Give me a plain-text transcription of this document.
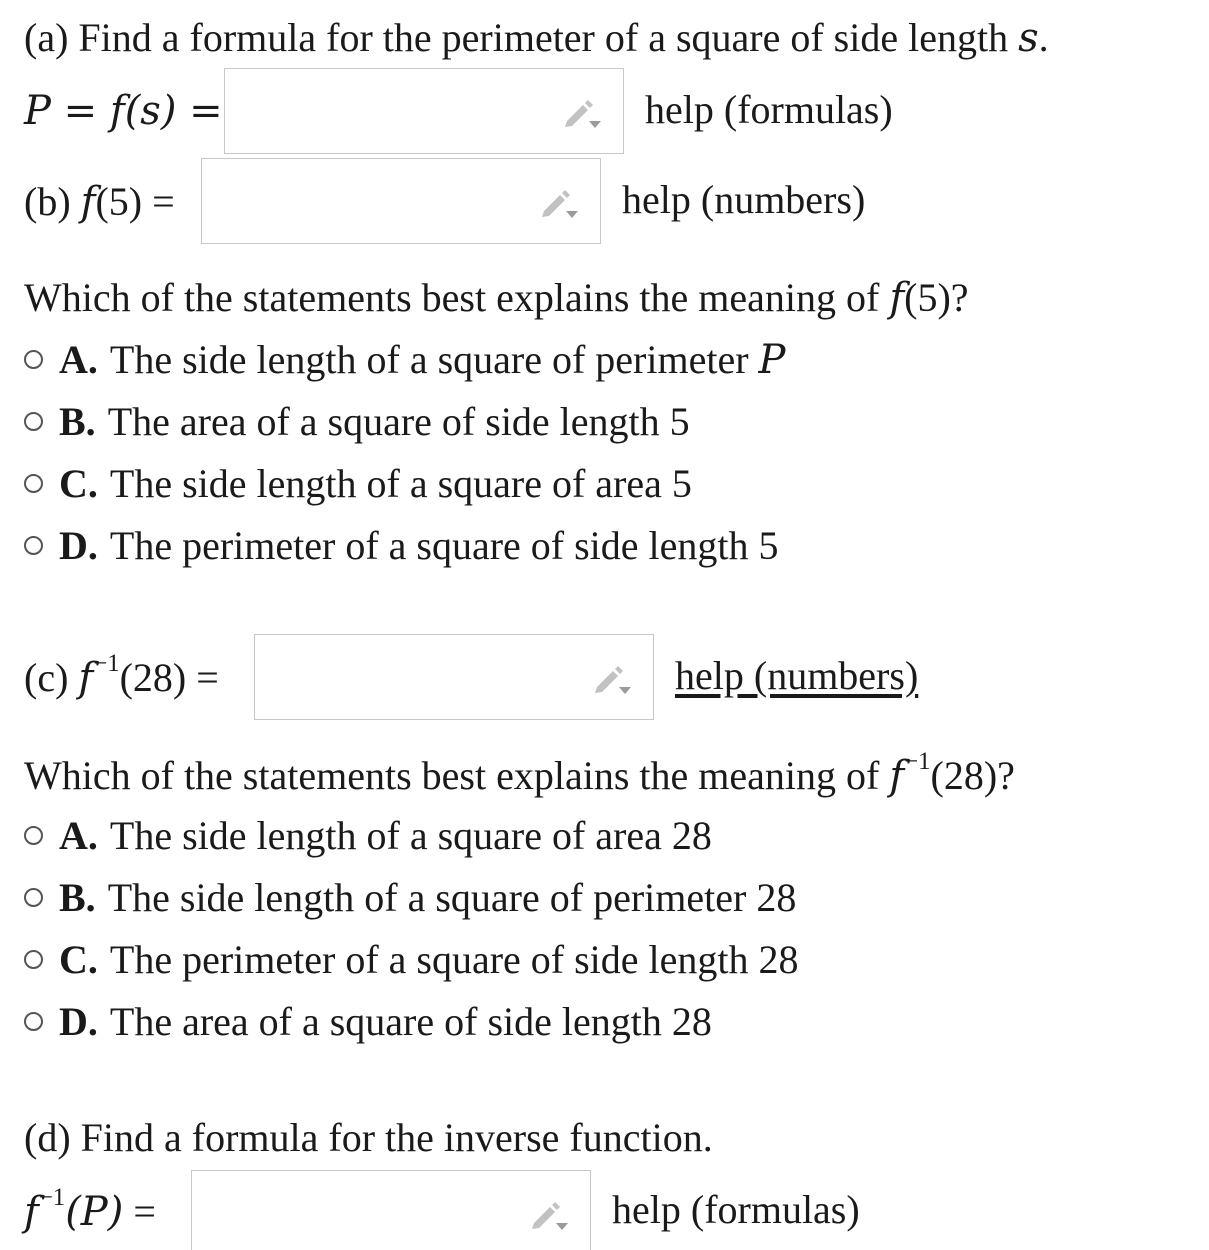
(a) Find a formula for the perimeter of a square of side length s.
P = f(s) =	help (formulas)
(b) f(5) =	help (numbers)
Which of the statements best explains the meaning of f(5)?
A. The side length of a square of perimeter
P
B. The area of a square of side length 5
C. The side length of a square of area 5
D. The perimeter of a square of side length 5
(c) $f^{-1}(28)$ =	help (numbers)
Which of the statements best explains the meaning of $f^{-1}(28)$?
A. The side length of a square of area 28
B. The side length of a square of perimeter 28
C. The perimeter of a square of side length 28
D. The area of a square of side length 28
(d) Find a formula for the inverse function.
$f^{-1}(P)$ =	help (formulas)
